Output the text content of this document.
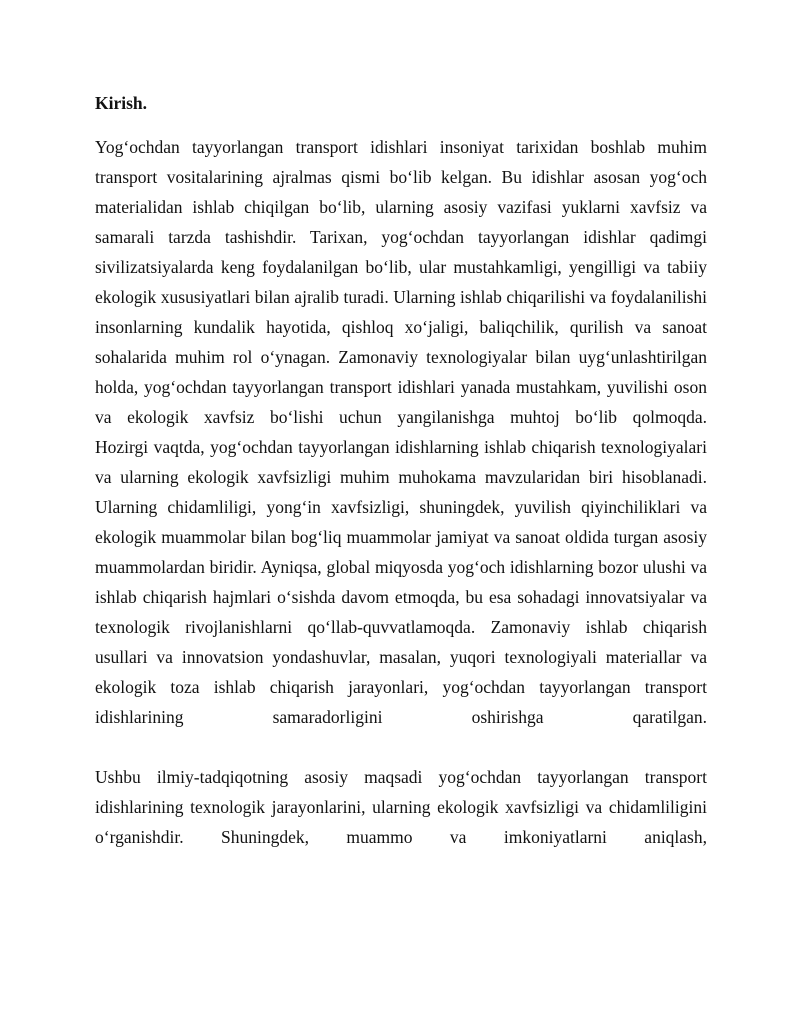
Kirish.

Yog‘ochdan tayyorlangan transport idishlari insoniyat tarixidan boshlab muhim transport vositalarining ajralmas qismi bo‘lib kelgan. Bu idishlar asosan yog‘och materialidan ishlab chiqilgan bo‘lib, ularning asosiy vazifasi yuklarni xavfsiz va samarali tarzda tashishdir. Tarixan, yog‘ochdan tayyorlangan idishlar qadimgi sivilizatsiyalarda keng foydalanilgan bo‘lib, ular mustahkamligi, yengilligi va tabiiy ekologik xususiyatlari bilan ajralib turadi. Ularning ishlab chiqarilishi va foydalanilishi insonlarning kundalik hayotida, qishloq xo‘jaligi, baliqchilik, qurilish va sanoat sohalarida muhim rol o‘ynagan. Zamonaviy texnologiyalar bilan uyg‘unlashtirilgan holda, yog‘ochdan tayyorlangan transport idishlari yanada mustahkam, yuvilishi oson va ekologik xavfsiz bo‘lishi uchun yangilanishga muhtoj bo‘lib qolmoqda.

Hozirgi vaqtda, yog‘ochdan tayyorlangan idishlarning ishlab chiqarish texnologiyalari va ularning ekologik xavfsizligi muhim muhokama mavzularidan biri hisoblanadi. Ularning chidamliligi, yong‘in xavfsizligi, shuningdek, yuvilish qiyinchiliklari va ekologik muammolar bilan bog‘liq muammolar jamiyat va sanoat oldida turgan asosiy muammolardan biridir. Ayniqsa, global miqyosda yog‘och idishlarning bozor ulushi va ishlab chiqarish hajmlari o‘sishda davom etmoqda, bu esa sohadagi innovatsiyalar va texnologik rivojlanishlarni qo‘llab-quvvatlamoqda. Zamonaviy ishlab chiqarish usullari va innovatsion yondashuvlar, masalan, yuqori texnologiyali materiallar va ekologik toza ishlab chiqarish jarayonlari, yog‘ochdan tayyorlangan transport idishlarining samaradorligini oshirishga qaratilgan.

Ushbu ilmiy-tadqiqotning asosiy maqsadi yog‘ochdan tayyorlangan transport idishlarining texnologik jarayonlarini, ularning ekologik xavfsizligi va chidamliligini o‘rganishdir. Shuningdek, muammo va imkoniyatlarni aniqlash,
